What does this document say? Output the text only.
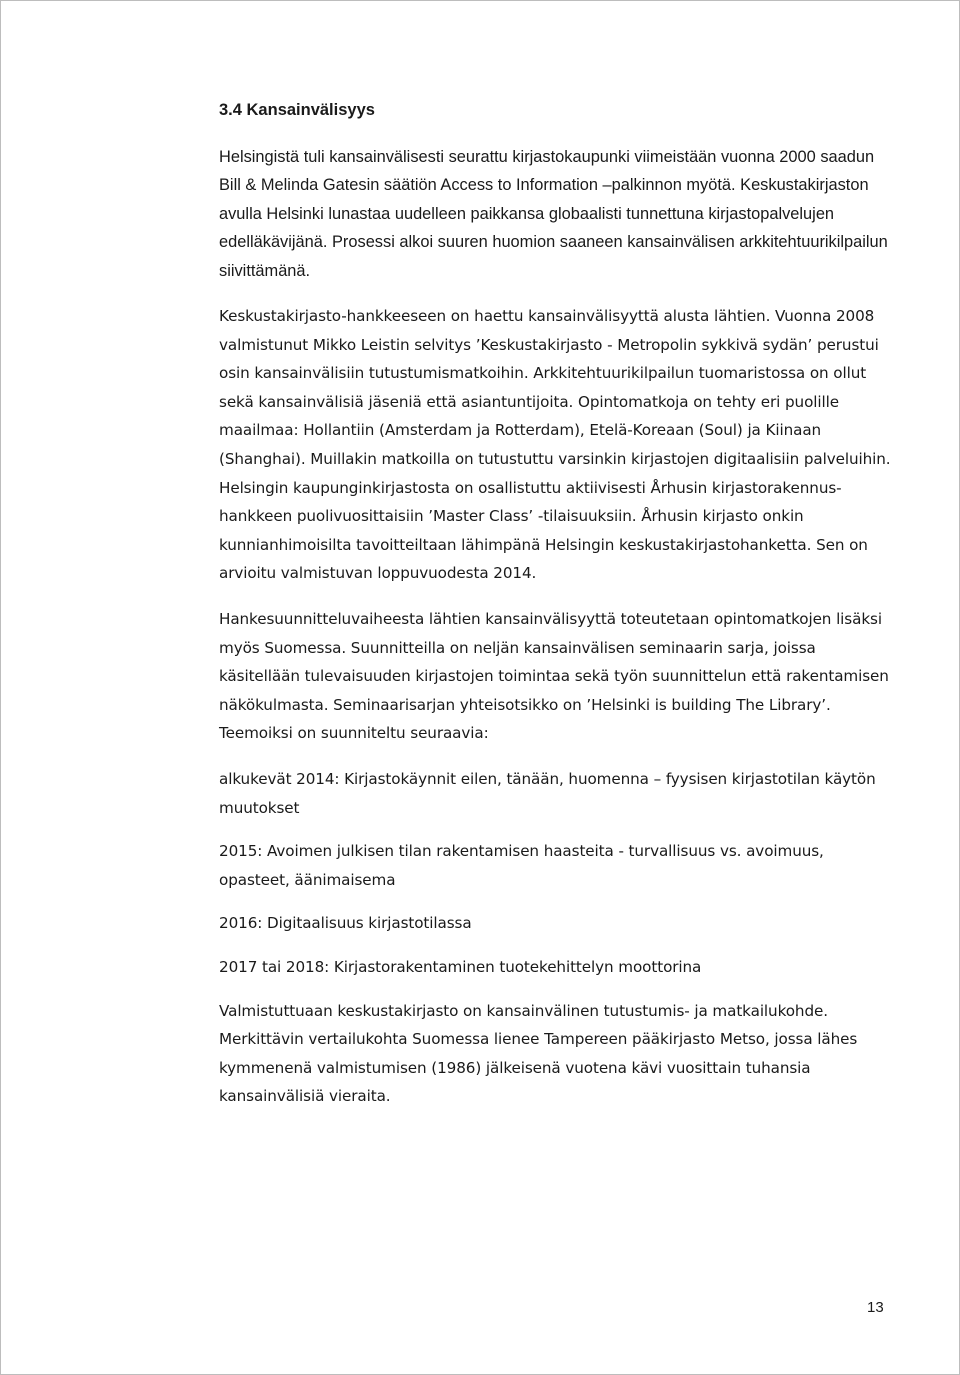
3.4 Kansainvälisyys

Helsingistä tuli kansainvälisesti seurattu kirjastokaupunki viimeistään vuonna 2000 saadun Bill & Melinda Gatesin säätiön Access to Information –palkinnon myötä. Keskustakirjaston avulla Helsinki lunastaa uudelleen paikkansa globaalisti tunnettuna kirjastopalvelujen edelläkävijänä. Prosessi alkoi suuren huomion saaneen kansainvälisen arkkitehtuurikilpailun siivittämänä.

Keskustakirjasto-hankkeeseen on haettu kansainvälisyyttä alusta lähtien. Vuonna 2008 valmistunut Mikko Leistin selvitys ’Keskustakirjasto - Metropolin sykkivä sydän’ perustui osin kansainvälisiin tutustumismatkoihin. Arkkitehtuurikilpailun tuomaristossa on ollut sekä kansainvälisiä jäseniä että asiantuntijoita. Opintomatkoja on tehty eri puolille maailmaa: Hollantiin (Amsterdam ja Rotterdam), Etelä-Koreaan (Soul) ja Kiinaan (Shanghai). Muillakin matkoilla on tutustuttu varsinkin kirjastojen digitaalisiin palveluihin. Helsingin kaupunginkirjastosta on osallistuttu aktiivisesti Århusin kirjastorakennus-hankkeen puolivuosittaisiin ’Master Class’ -tilaisuuksiin. Århusin kirjasto onkin kunnianhimoisilta tavoitteiltaan lähimpänä Helsingin keskustakirjastohanketta. Sen on arvioitu valmistuvan loppuvuodesta 2014.

Hankesuunnitteluvaiheesta lähtien kansainvälisyyttä toteutetaan opintomatkojen lisäksi myös Suomessa. Suunnitteilla on neljän kansainvälisen seminaarin sarja, joissa käsitellään tulevaisuuden kirjastojen toimintaa sekä työn suunnittelun että rakentamisen näkökulmasta. Seminaarisarjan yhteisotsikko on ’Helsinki is building The Library’. Teemoiksi on suunniteltu seuraavia:

alkukevät 2014: Kirjastokäynnit eilen, tänään, huomenna – fyysisen kirjastotilan käytön muutokset

2015: Avoimen julkisen tilan rakentamisen haasteita - turvallisuus vs. avoimuus, opasteet, äänimaisema

2016: Digitaalisuus kirjastotilassa

2017 tai 2018: Kirjastorakentaminen tuotekehittelyn moottorina

Valmistuttuaan keskustakirjasto on kansainvälinen tutustumis- ja matkailukohde. Merkittävin vertailukohta Suomessa lienee Tampereen pääkirjasto Metso, jossa lähes kymmenenä valmistumisen (1986) jälkeisenä vuotena kävi vuosittain tuhansia kansainvälisiä vieraita.

13
